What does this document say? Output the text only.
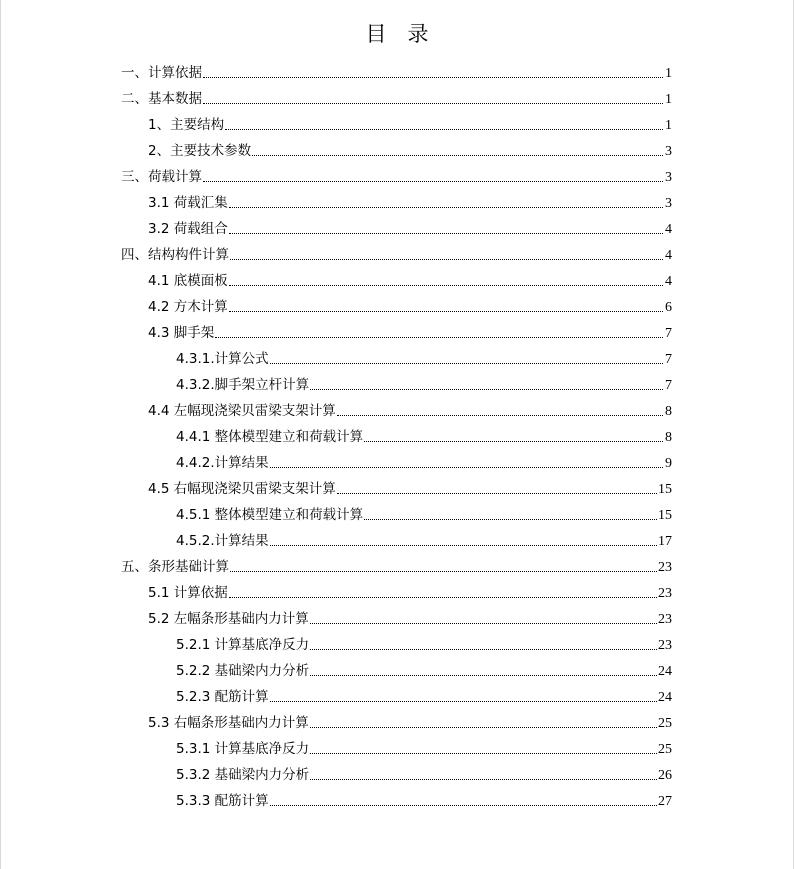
目　录
一、计算依据	1
二、基本数据	1
1、主要结构	1
2、主要技术参数	3
三、荷载计算	3
3.1 荷载汇集	3
3.2 荷载组合	4
四、结构构件计算	4
4.1 底模面板	4
4.2 方木计算	6
4.3 脚手架	7
4.3.1.计算公式	7
4.3.2.脚手架立杆计算	7
4.4 左幅现浇梁贝雷梁支架计算	8
4.4.1 整体模型建立和荷载计算	8
4.4.2.计算结果	9
4.5 右幅现浇梁贝雷梁支架计算	15
4.5.1 整体模型建立和荷载计算	15
4.5.2.计算结果	17
五、条形基础计算	23
5.1 计算依据	23
5.2 左幅条形基础内力计算	23
5.2.1 计算基底净反力	23
5.2.2 基础梁内力分析	24
5.2.3 配筋计算	24
5.3 右幅条形基础内力计算	25
5.3.1 计算基底净反力	25
5.3.2 基础梁内力分析	26
5.3.3 配筋计算	27
